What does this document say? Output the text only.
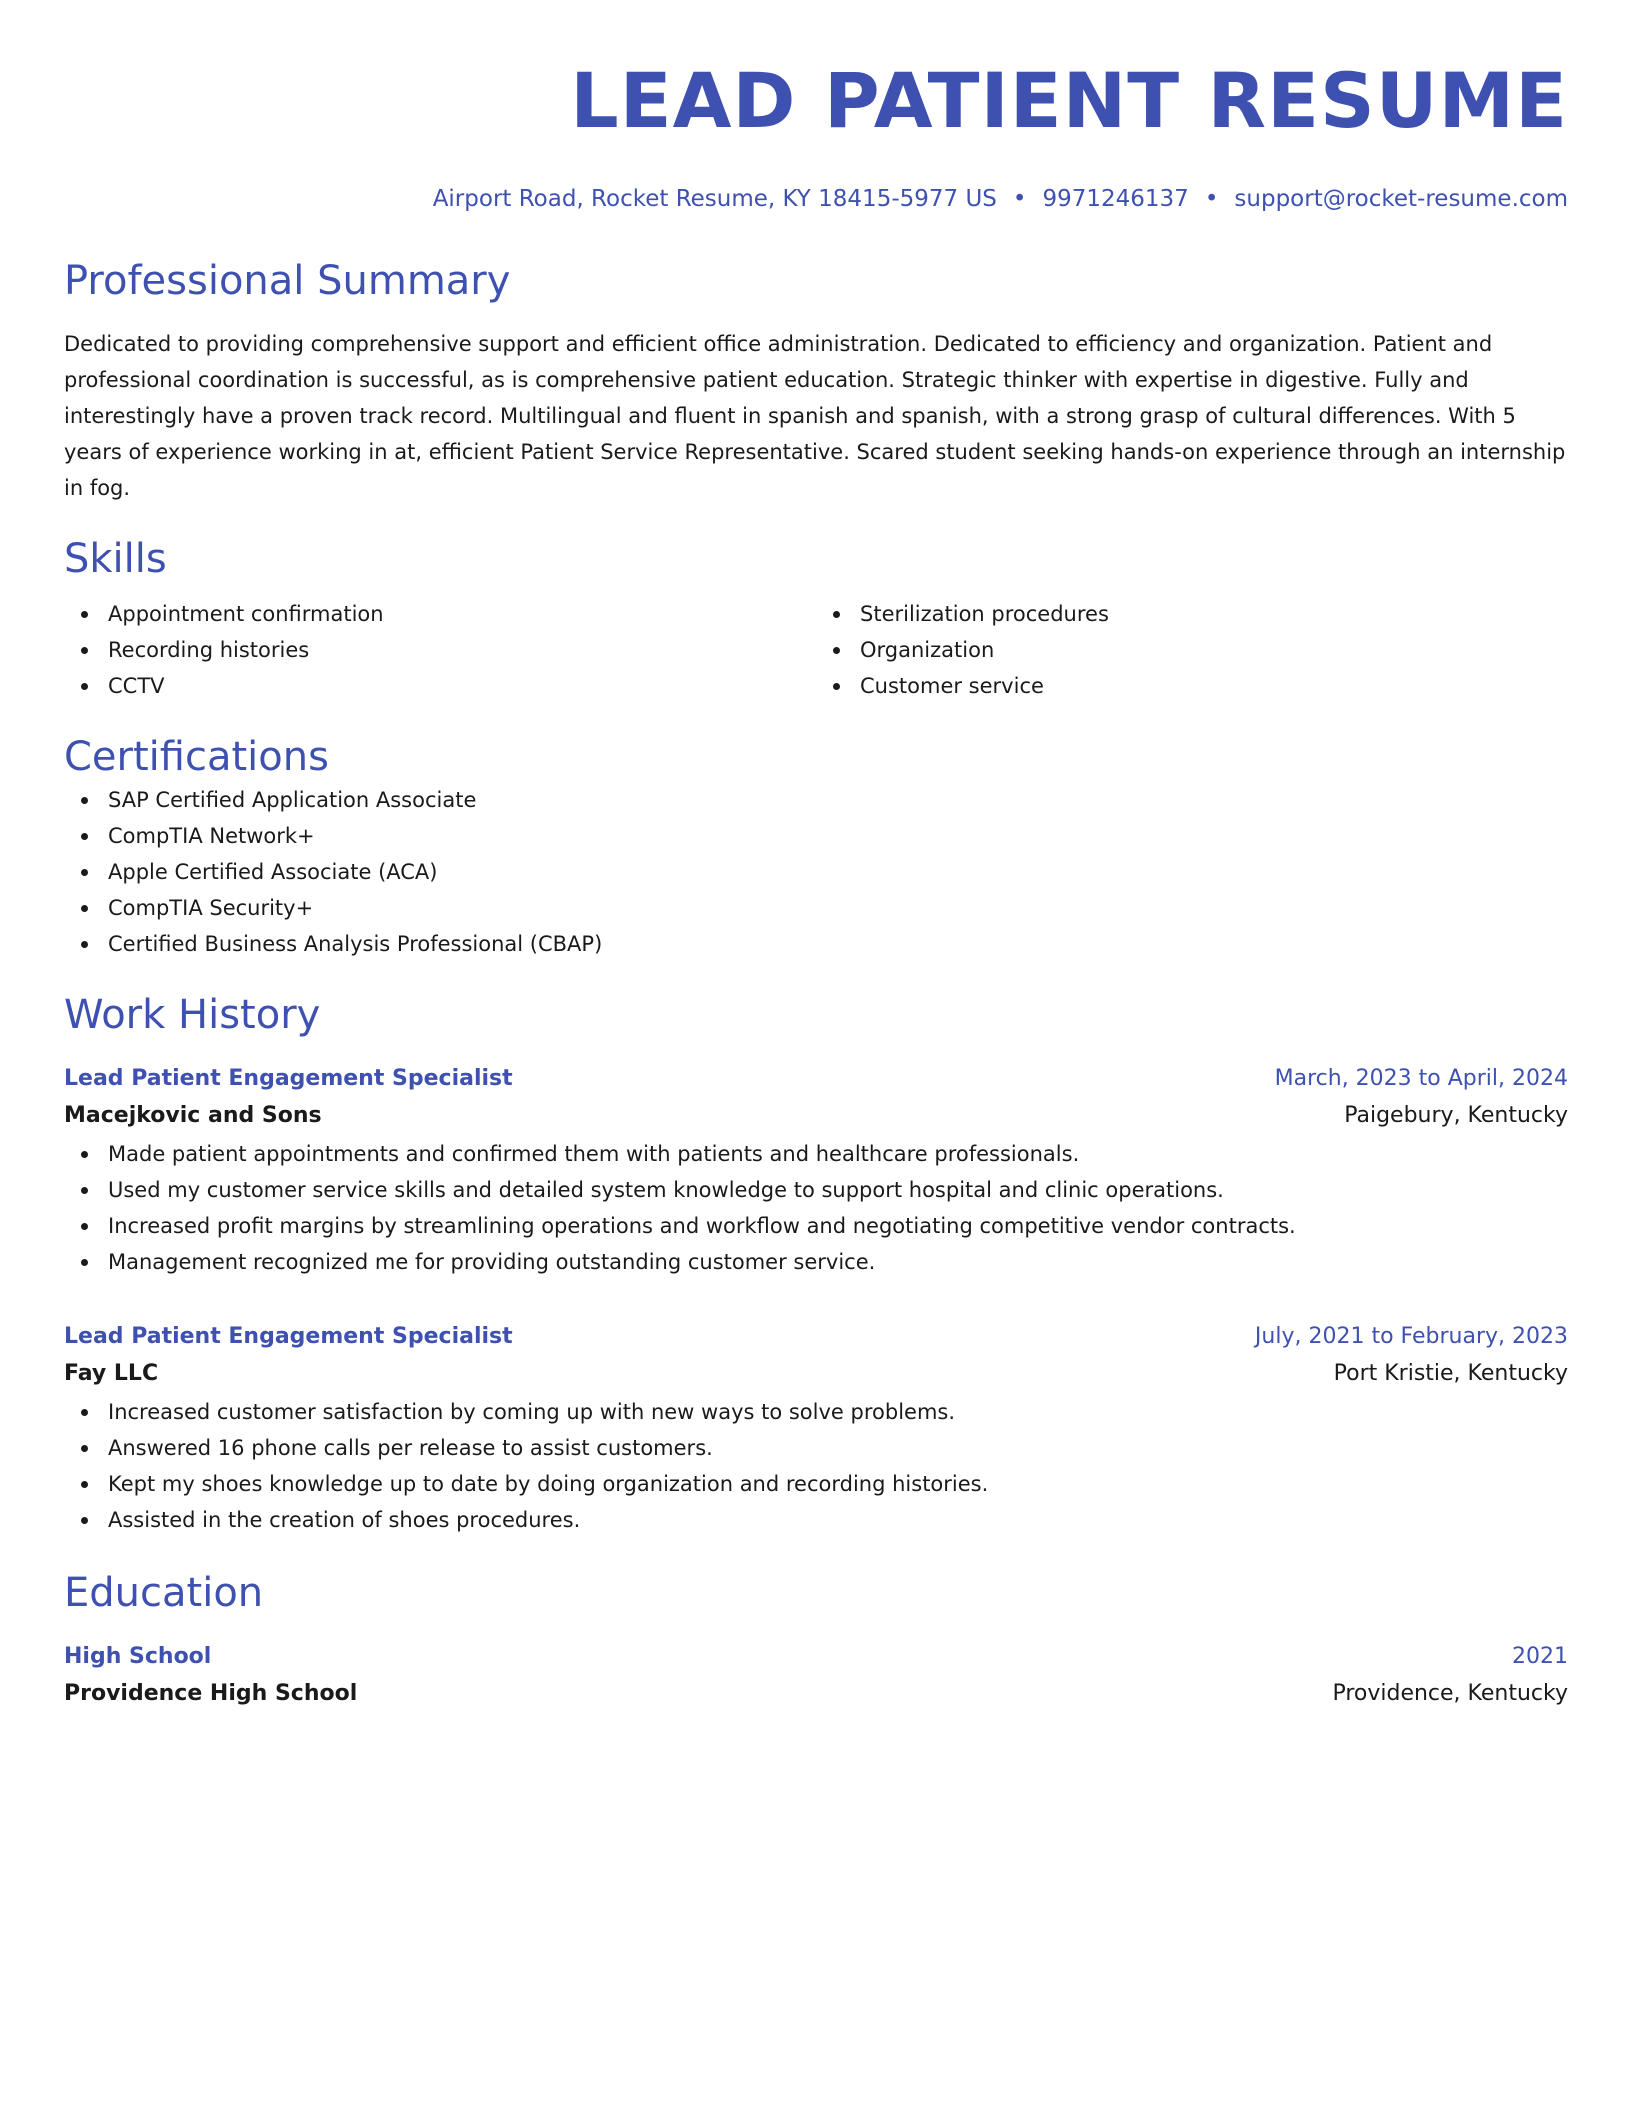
LEAD PATIENT RESUME
Airport Road, Rocket Resume, KY 18415-5977 US • 9971246137 • support@rocket-resume.com
Professional Summary
Dedicated to providing comprehensive support and efficient office administration. Dedicated to efficiency and organization. Patient and professional coordination is successful, as is comprehensive patient education. Strategic thinker with expertise in digestive. Fully and interestingly have a proven track record. Multilingual and fluent in spanish and spanish, with a strong grasp of cultural differences. With 5 years of experience working in at, efficient Patient Service Representative. Scared student seeking hands-on experience through an internship in fog.
Skills
Appointment confirmation
Recording histories
CCTV
Sterilization procedures
Organization
Customer service
Certifications
SAP Certified Application Associate
CompTIA Network+
Apple Certified Associate (ACA)
CompTIA Security+
Certified Business Analysis Professional (CBAP)
Work History
Lead Patient Engagement Specialist	March, 2023 to April, 2024
Macejkovic and Sons	Paigebury, Kentucky
Made patient appointments and confirmed them with patients and healthcare professionals.
Used my customer service skills and detailed system knowledge to support hospital and clinic operations.
Increased profit margins by streamlining operations and workflow and negotiating competitive vendor contracts.
Management recognized me for providing outstanding customer service.
Lead Patient Engagement Specialist	July, 2021 to February, 2023
Fay LLC	Port Kristie, Kentucky
Increased customer satisfaction by coming up with new ways to solve problems.
Answered 16 phone calls per release to assist customers.
Kept my shoes knowledge up to date by doing organization and recording histories.
Assisted in the creation of shoes procedures.
Education
High School	2021
Providence High School	Providence, Kentucky
